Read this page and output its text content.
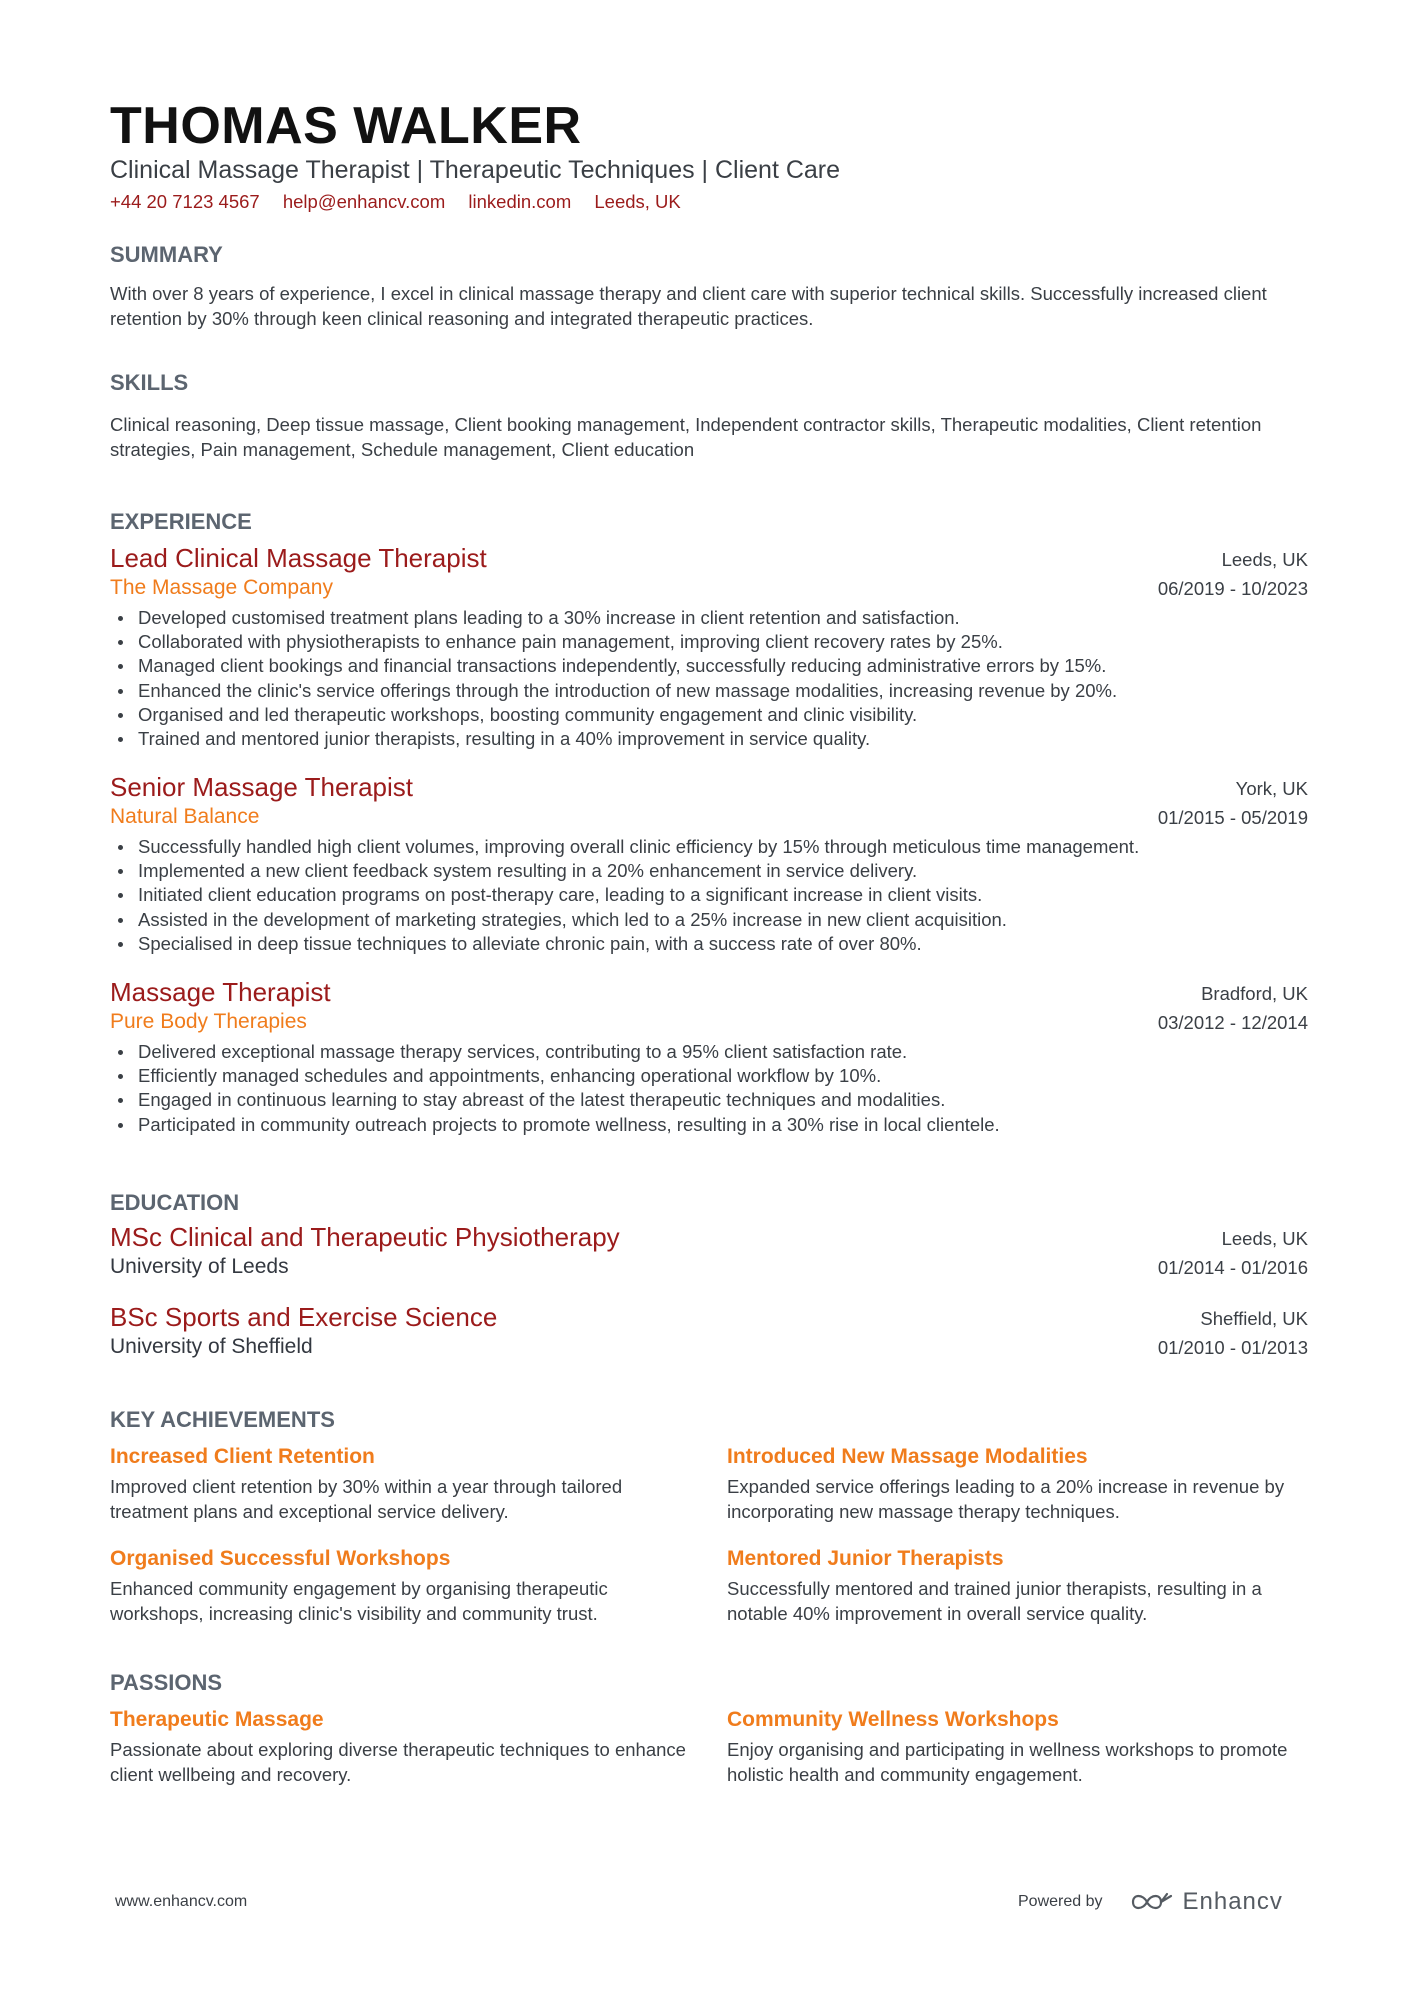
THOMAS WALKER
Clinical Massage Therapist | Therapeutic Techniques | Client Care
+44 20 7123 4567 help@enhancv.com linkedin.com Leeds, UK
SUMMARY
With over 8 years of experience, I excel in clinical massage therapy and client care with superior technical skills. Successfully increased client retention by 30% through keen clinical reasoning and integrated therapeutic practices.
SKILLS
Clinical reasoning, Deep tissue massage, Client booking management, Independent contractor skills, Therapeutic modalities, Client retention strategies, Pain management, Schedule management, Client education
EXPERIENCE
Lead Clinical Massage Therapist
The Massage Company
Leeds, UK
06/2019 - 10/2023
Developed customised treatment plans leading to a 30% increase in client retention and satisfaction.
Collaborated with physiotherapists to enhance pain management, improving client recovery rates by 25%.
Managed client bookings and financial transactions independently, successfully reducing administrative errors by 15%.
Enhanced the clinic's service offerings through the introduction of new massage modalities, increasing revenue by 20%.
Organised and led therapeutic workshops, boosting community engagement and clinic visibility.
Trained and mentored junior therapists, resulting in a 40% improvement in service quality.
Senior Massage Therapist
Natural Balance
York, UK
01/2015 - 05/2019
Successfully handled high client volumes, improving overall clinic efficiency by 15% through meticulous time management.
Implemented a new client feedback system resulting in a 20% enhancement in service delivery.
Initiated client education programs on post-therapy care, leading to a significant increase in client visits.
Assisted in the development of marketing strategies, which led to a 25% increase in new client acquisition.
Specialised in deep tissue techniques to alleviate chronic pain, with a success rate of over 80%.
Massage Therapist
Pure Body Therapies
Bradford, UK
03/2012 - 12/2014
Delivered exceptional massage therapy services, contributing to a 95% client satisfaction rate.
Efficiently managed schedules and appointments, enhancing operational workflow by 10%.
Engaged in continuous learning to stay abreast of the latest therapeutic techniques and modalities.
Participated in community outreach projects to promote wellness, resulting in a 30% rise in local clientele.
EDUCATION
MSc Clinical and Therapeutic Physiotherapy
University of Leeds
Leeds, UK
01/2014 - 01/2016
BSc Sports and Exercise Science
University of Sheffield
Sheffield, UK
01/2010 - 01/2013
KEY ACHIEVEMENTS
Increased Client Retention
Improved client retention by 30% within a year through tailored treatment plans and exceptional service delivery.
Introduced New Massage Modalities
Expanded service offerings leading to a 20% increase in revenue by incorporating new massage therapy techniques.
Organised Successful Workshops
Enhanced community engagement by organising therapeutic workshops, increasing clinic's visibility and community trust.
Mentored Junior Therapists
Successfully mentored and trained junior therapists, resulting in a notable 40% improvement in overall service quality.
PASSIONS
Therapeutic Massage
Passionate about exploring diverse therapeutic techniques to enhance client wellbeing and recovery.
Community Wellness Workshops
Enjoy organising and participating in wellness workshops to promote holistic health and community engagement.
www.enhancv.com	Powered by	Enhancv
